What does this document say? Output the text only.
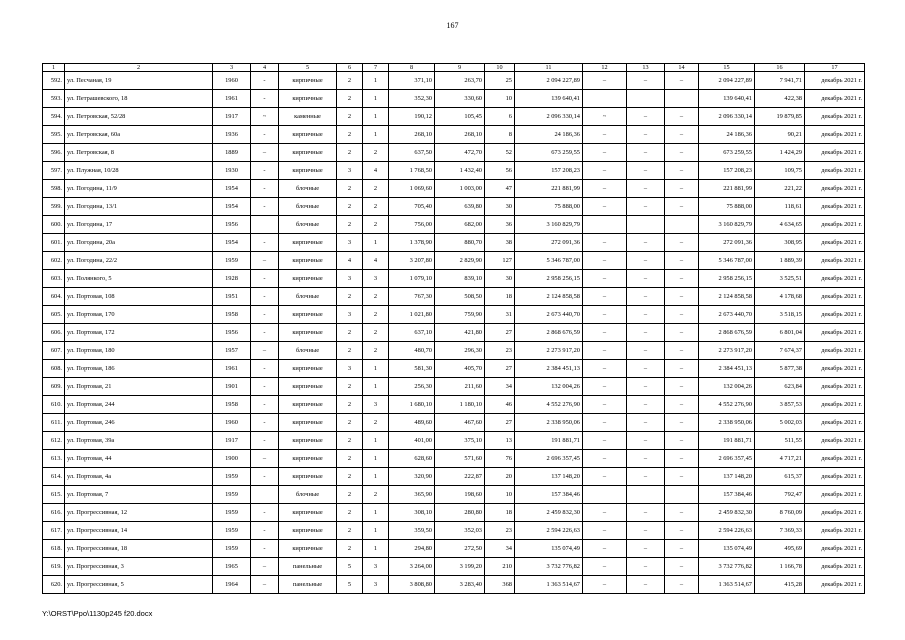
167
1	2	3	4	5	6	7	8	9	10	11	12	13	14	15	16	17
592.	ул. Песчаная, 19	1960	-	кирпичные	2	1	371,10	263,70	25	2 094 227,89	–	–	–	2 094 227,89	7 941,71	декабрь 2021 г.
593.	ул. Петрашевского, 18	1961	-	кирпичные	2	1	352,30	330,60	10	139 640,41				139 640,41	422,38	декабрь 2021 г.
594.	ул. Петровская, 52/28	1917	~	каменные	2	1	190,12	105,45	6	2 096 330,14	~	–	–	2 096 330,14	19 879,85	декабрь 2021 г.
595.	ул. Петровская, 60а	1936	-	кирпичные	2	1	268,10	268,10	8	24 186,36	–	–	–	24 186,36	90,21	декабрь 2021 г.
596.	ул. Петровская, 8	1889	–	кирпичные	2	2	637,50	472,70	52	673 259,55	–	–	–	673 259,55	1 424,29	декабрь 2021 г.
597.	ул. Плужная, 10/28	1930	-	кирпичные	3	4	1 768,50	1 432,40	56	157 208,23	–	–	–	157 208,23	109,75	декабрь 2021 г.
598.	ул. Погодина, 11/9	1954	-	блочные	2	2	1 069,60	1 003,00	47	221 881,99	–	–	–	221 881,99	221,22	декабрь 2021 г.
599.	ул. Погодина, 13/1	1954	-	блочные	2	2	705,40	639,80	30	75 888,00	–	–	–	75 888,00	118,61	декабрь 2021 г.
600.	ул. Погодина, 17	1956		блочные	2	2	756,00	682,00	36	3 160 829,79				3 160 829,79	4 634,65	декабрь 2021 г.
601.	ул. Погодина, 20а	1954	-	кирпичные	3	1	1 378,90	880,70	38	272 091,36	–	–	–	272 091,36	308,95	декабрь 2021 г.
602.	ул. Погодина, 22/2	1959	–	кирпичные	4	4	3 207,80	2 829,90	127	5 346 787,00	–	–	–	5 346 787,00	1 889,39	декабрь 2021 г.
603.	ул. Полянкого, 5	1928	-	кирпичные	3	3	1 079,10	839,10	30	2 958 256,15	–	–	–	2 958 256,15	3 525,51	декабрь 2021 г.
604.	ул. Портовая, 108	1951	-	блочные	2	2	767,30	508,50	18	2 124 858,58	–	–	–	2 124 858,58	4 178,68	декабрь 2021 г.
605.	ул. Портовая, 170	1958	-	кирпичные	3	2	1 021,80	759,90	31	2 673 440,70	–	–	–	2 673 440,70	3 518,15	декабрь 2021 г.
606.	ул. Портовая, 172	1956	-	кирпичные	2	2	637,10	421,80	27	2 868 676,59	–	–	–	2 868 676,59	6 801,04	декабрь 2021 г.
607.	ул. Портовая, 180	1957	–	блочные	2	2	480,70	296,30	23	2 273 917,20	–	–	–	2 273 917,20	7 674,37	декабрь 2021 г.
608.	ул. Портовая, 186	1961	-	кирпичные	3	1	581,30	405,70	27	2 384 451,13	–	–	–	2 384 451,13	5 877,38	декабрь 2021 г.
609.	ул. Портовая, 21	1901	-	кирпичные	2	1	256,30	211,60	34	132 004,26	–	–	–	132 004,26	623,84	декабрь 2021 г.
610.	ул. Портовая, 244	1958	-	кирпичные	2	3	1 680,10	1 180,10	46	4 552 276,90	–	–	–	4 552 276,90	3 857,53	декабрь 2021 г.
611.	ул. Портовая, 246	1960	-	кирпичные	2	2	489,60	467,60	27	2 338 950,06	–	–	–	2 338 950,06	5 002,03	декабрь 2021 г.
612.	ул. Портовая, 39а	1917	-	кирпичные	2	1	401,00	375,10	13	191 881,71	–	–	–	191 881,71	511,55	декабрь 2021 г.
613.	ул. Портовая, 44	1900	–	кирпичные	2	1	628,60	571,60	76	2 696 357,45	–	–	–	2 696 357,45	4 717,21	декабрь 2021 г.
614.	ул. Портовая, 4а	1959	-	кирпичные	2	1	320,90	222,87	20	137 148,20	–	–	–	137 148,20	615,37	декабрь 2021 г.
615.	ул. Портовая, 7	1959		блочные	2	2	365,90	198,60	10	157 384,46				157 384,46	792,47	декабрь 2021 г.
616.	ул. Прогрессивная, 12	1959	-	кирпичные	2	1	308,10	280,80	18	2 459 832,30	–	–	–	2 459 832,30	8 760,09	декабрь 2021 г.
617.	ул. Прогрессивная, 14	1959	-	кирпичные	2	1	359,50	352,03	23	2 594 226,63	–	–	–	2 594 226,63	7 369,33	декабрь 2021 г.
618.	ул. Прогрессивная, 18	1959	-	кирпичные	2	1	294,80	272,50	34	135 074,49	–	–	–	135 074,49	495,69	декабрь 2021 г.
619.	ул. Прогрессивная, 3	1965	–	панельные	5	3	3 264,00	3 199,20	210	3 732 776,82	–	–	–	3 732 776,82	1 166,78	декабрь 2021 г.
620.	ул. Прогрессивная, 5	1964	–	панельные	5	3	3 808,80	3 283,40	368	1 363 514,67	–	–	–	1 363 514,67	415,28	декабрь 2021 г.
Y:\ORST\Ppo\1130p245 f20.docx
